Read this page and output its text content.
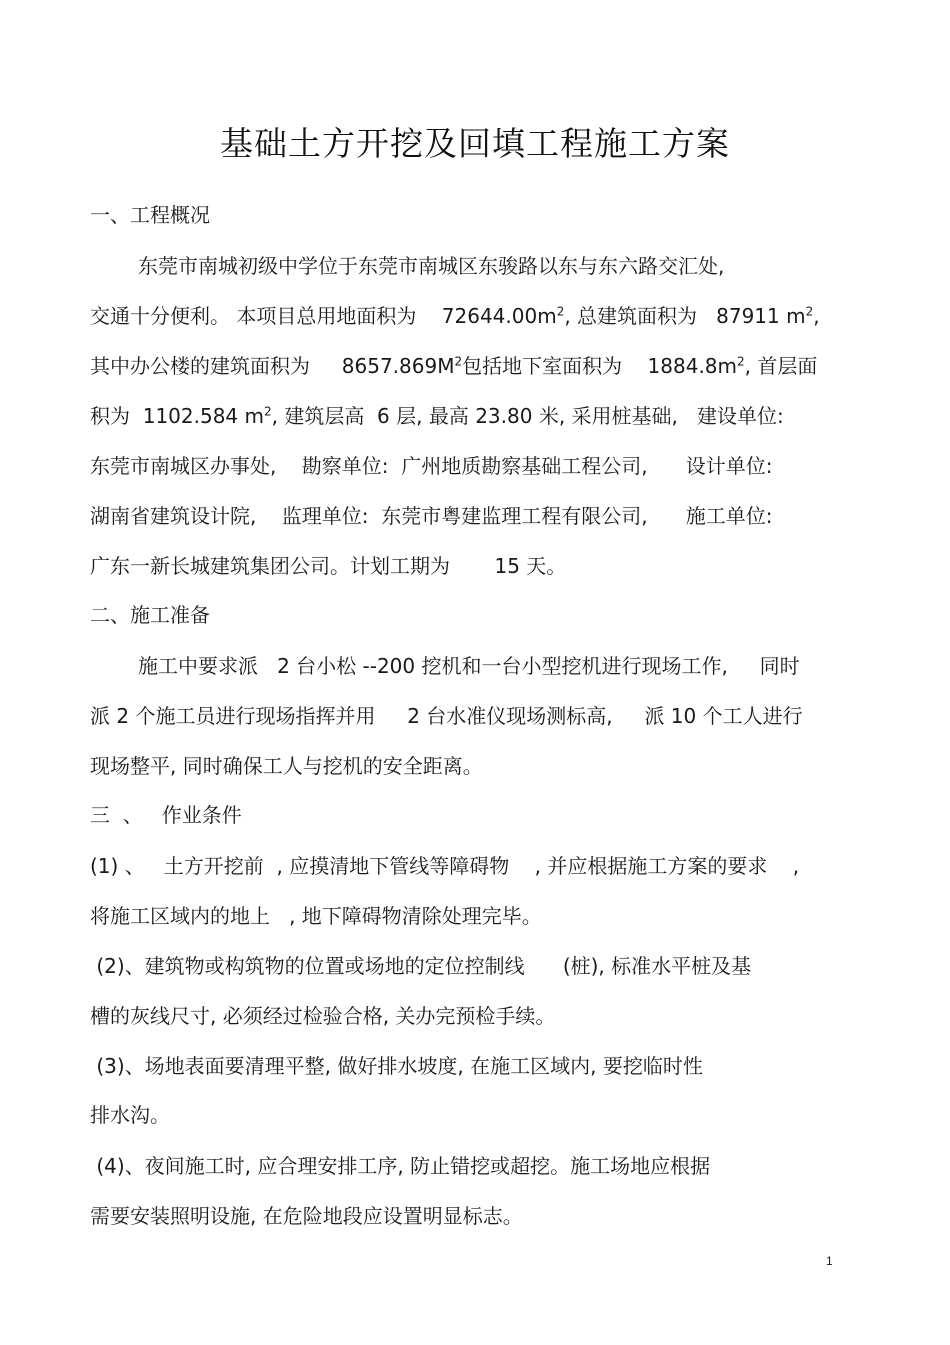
基础土方开挖及回填工程施工方案
一、工程概况
东莞市南城初级中学位于东莞市南城区东骏路以东与东六路交汇处,
交通十分便利。 本项目总用地面积为    $72644.00m^2$, 总建筑面积为   87911 $m^2$,
其中办公楼的建筑面积为     $8657.869M^2$包括地下室面积为    $1884.8m^2$, 首层面
积为  1102.584 $m^2$, 建筑层高  6 层, 最高 23.80 米, 采用桩基础,   建设单位:
东莞市南城区办事处,    勘察单位:  广州地质勘察基础工程公司,      设计单位:
湖南省建筑设计院,    监理单位:  东莞市粤建监理工程有限公司,      施工单位:
广东一新长城建筑集团公司。计划工期为       15 天。
二、施工准备
施工中要求派   2 台小松 --200 挖机和一台小型挖机进行现场工作,     同时
派 2 个施工员进行现场指挥并用     2 台水准仪现场测标高,     派 10 个工人进行
现场整平, 同时确保工人与挖机的安全距离。
三  、   作业条件
(1) 、   土方开挖前  , 应摸清地下管线等障碍物    , 并应根据施工方案的要求    ,
将施工区域内的地上   , 地下障碍物清除处理完毕。
(2)、建筑物或构筑物的位置或场地的定位控制线      (桩), 标准水平桩及基
槽的灰线尺寸, 必须经过检验合格, 关办完预检手续。
(3)、场地表面要清理平整, 做好排水坡度, 在施工区域内, 要挖临时性
排水沟。
(4)、夜间施工时, 应合理安排工序, 防止错挖或超挖。施工场地应根据
需要安装照明设施, 在危险地段应设置明显标志。
1
